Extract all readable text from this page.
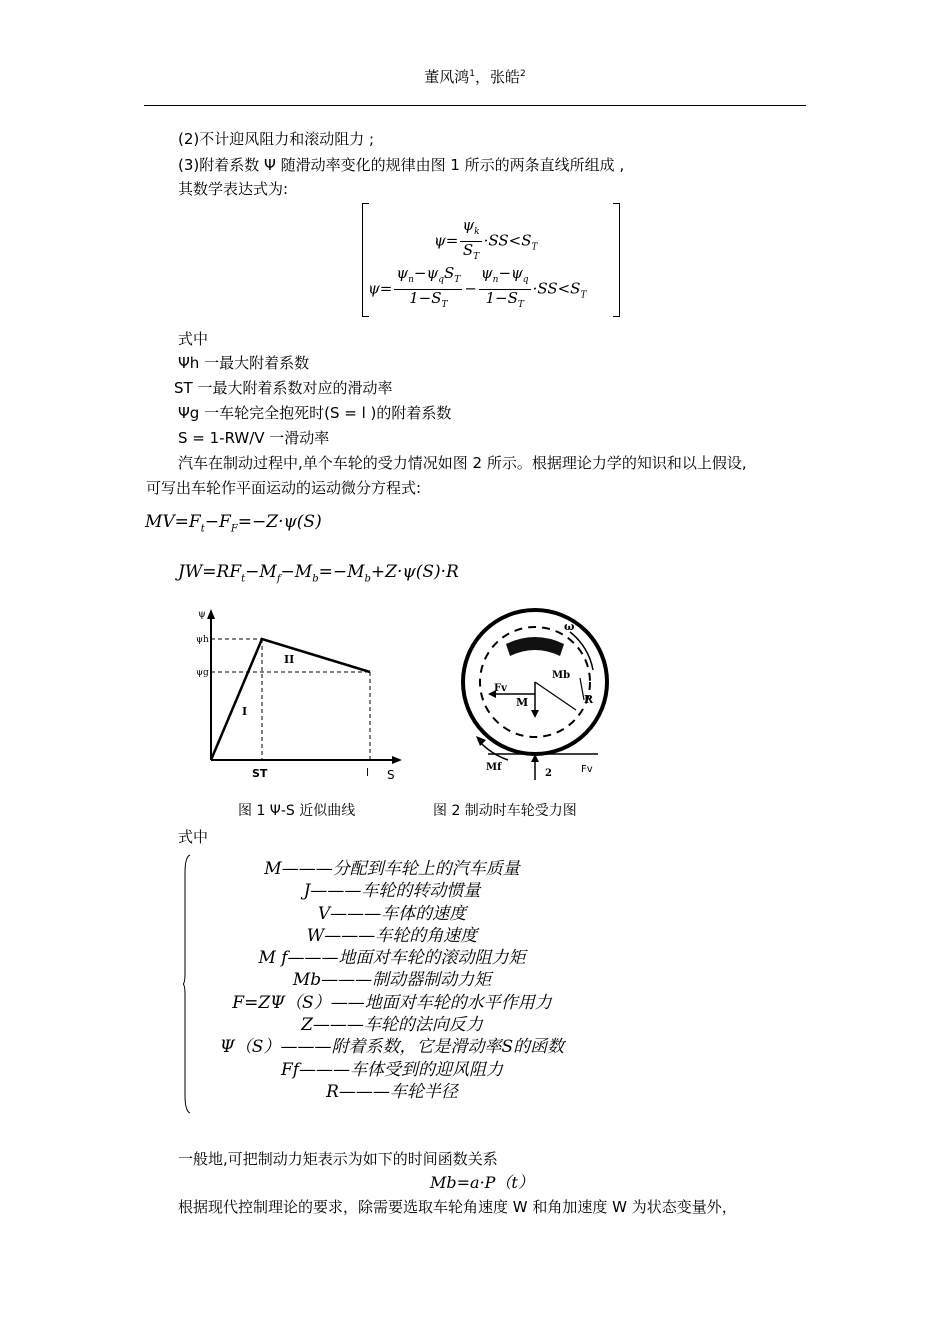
董风鸿$^1$，张皓$^2$
(2)不计迎风阻力和滚动阻力 ;
(3)附着系数 Ψ 随滑动率变化的规律由图 1 所示的两条直线所组成 ,
其数学表达式为:
$\psi= \frac{\psi_k}{S_T} \cdot SS<S_T$
$\psi= \frac{\psi_n-\psi_qS_T}{1-S_T} - \frac{\psi_n-\psi_q}{1-S_T} \cdot SS<S_T$
式中
Ψh 一最大附着系数
ST 一最大附着系数对应的滑动率
Ψg 一车轮完全抱死时(S = l )的附着系数
S = 1-RW/V 一滑动率
汽车在制动过程中,单个车轮的受力情况如图 2 所示。根据理论力学的知识和以上假设,
可写出车轮作平面运动的运动微分方程式:
$MV=F_t-F_F=-Z\cdot\psi(S)$
$JW=RF_t-M_f-M_b=-M_b+Z\cdot\psi(S)\cdot R$
ψ
ψh
ψg
II
I
ST	l S
ω
Mb
Fv
M	R
Mf
2	Fv
图 1 Ψ-S 近似曲线	图 2 制动时车轮受力图
式中
M———分配到车轮上的汽车质量
J———车轮的转动惯量
V———车体的速度
W———车轮的角速度
M f———地面对车轮的滚动阻力矩
Mb———制动器制动力矩
F=ZΨ（S）——地面对车轮的水平作用力
Z———车轮的法向反力
Ψ（S）———附着系数，它是滑动率S的函数
Ff———车体受到的迎风阻力
R———车轮半径
一般地,可把制动力矩表示为如下的时间函数关系
Mb=a·P（t）
根据现代控制理论的要求，除需要选取车轮角速度 W 和角加速度 W 为状态变量外，
